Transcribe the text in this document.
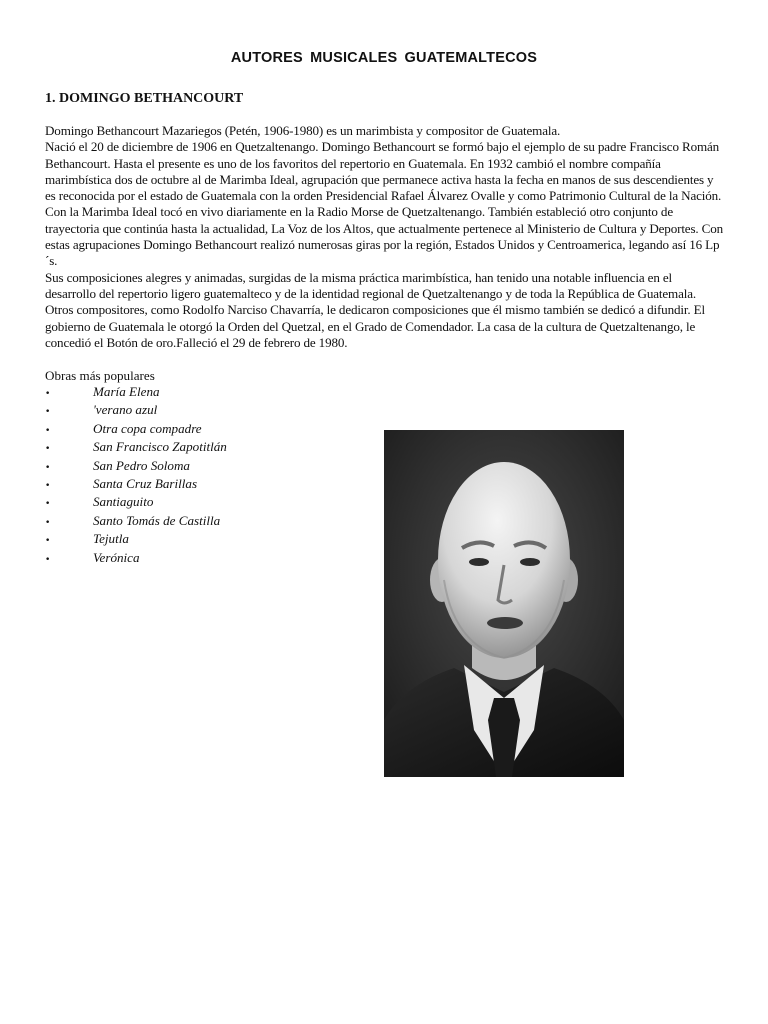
AUTORES MUSICALES GUATEMALTECOS
1. DOMINGO BETHANCOURT

Domingo Bethancourt Mazariegos (Petén, 1906-1980) es un marimbista y compositor de Guatemala.

Nació el 20 de diciembre de 1906 en Quetzaltenango. Domingo Bethancourt se formó bajo el ejemplo de su padre Francisco Román Bethancourt. Hasta el presente es uno de los favoritos del repertorio en Guatemala. En 1932 cambió el nombre compañía marimbística dos de octubre al de Marimba Ideal, agrupación que permanece activa hasta la fecha en manos de sus descendientes y es reconocida por el estado de Guatemala con la orden Presidencial Rafael Álvarez Ovalle y como Patrimonio Cultural de la Nación. Con la Marimba Ideal tocó en vivo diariamente en la Radio Morse de Quetzaltenango. También estableció otro conjunto de trayectoria que continúa hasta la actualidad, La Voz de los Altos, que actualmente pertenece al Ministerio de Cultura y Deportes. Con estas agrupaciones Domingo Bethancourt realizó numerosas giras por la región, Estados Unidos y Centroamerica, legando así 16 Lp´s.

Sus composiciones alegres y animadas, surgidas de la misma práctica marimbística, han tenido una notable influencia en el desarrollo del repertorio ligero guatemalteco y de la identidad regional de Quetzaltenango y de toda la República de Guatemala. Otros compositores, como Rodolfo Narciso Chavarría, le dedicaron composiciones que él mismo también se dedicó a difundir. El gobierno de Guatemala le otorgó la Orden del Quetzal, en el Grado de Comendador. La casa de la cultura de Quetzaltenango, le concedió el Botón de oro.Falleció el 29 de febrero de 1980.

Obras más populares
•	María Elena
•	'verano azul
•	Otra copa compadre
•	San Francisco Zapotitlán
•	San Pedro Soloma
•	Santa Cruz Barillas
•	Santiaguito
•	Santo Tomás de Castilla
•	Tejutla
•	Verónica
